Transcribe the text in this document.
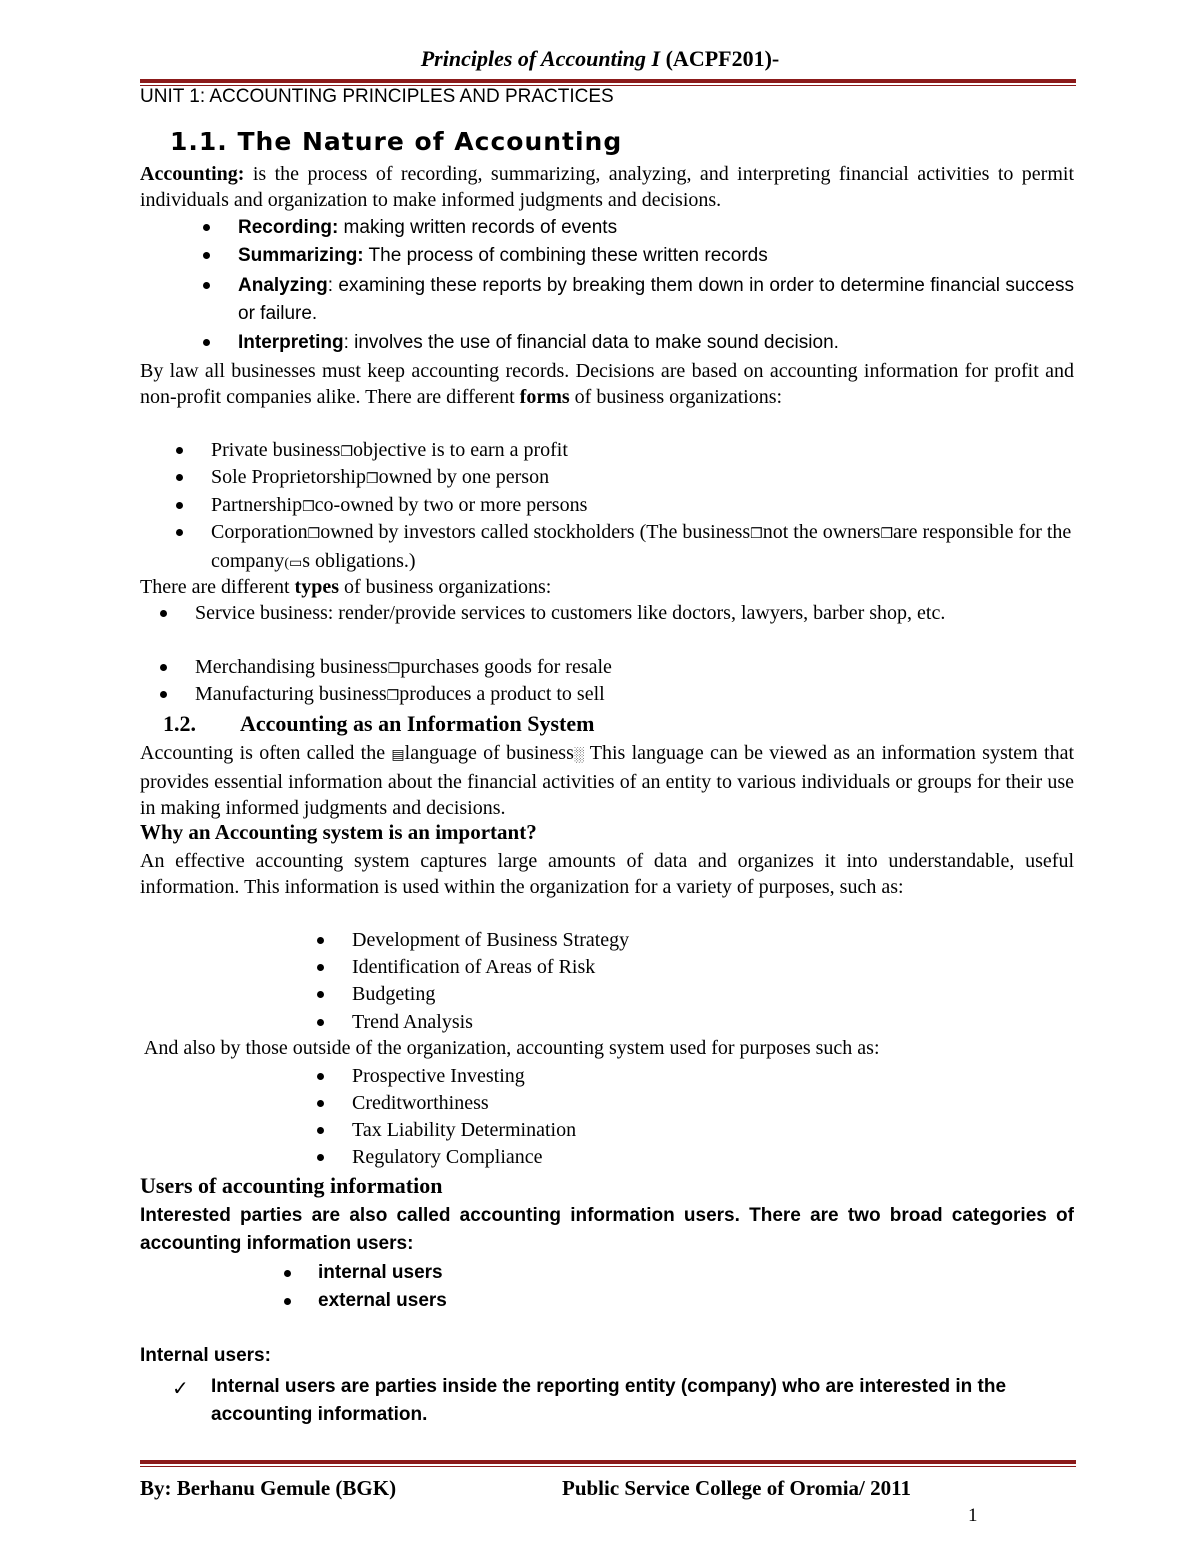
Principles of Accounting I (ACPF201)-
UNIT 1: ACCOUNTING PRINCIPLES AND PRACTICES
1.1. The Nature of Accounting
Accounting: is the process of recording, summarizing, analyzing, and interpreting financial activities to permit individuals and organization to make informed judgments and decisions.
Recording: making written records of events
Summarizing: The process of combining these written records
Analyzing: examining these reports by breaking them down in order to determine financial success or failure.
Interpreting: involves the use of financial data to make sound decision.
By law all businesses must keep accounting records. Decisions are based on accounting information for profit and non-profit companies alike. There are different forms of business organizations:
Private business❒objective is to earn a profit
Sole Proprietorship❒owned by one person
Partnership❒co-owned by two or more persons
Corporation❒owned by investors called stockholders (The business❒not the owners❒are responsible for the company(▭s obligations.)
There are different types of business organizations:
Service business: render/provide services to customers like doctors, lawyers, barber shop, etc.
Merchandising business❒purchases goods for resale
Manufacturing business❒produces a product to sell
1.2. Accounting as an Information System
Accounting is often called the ▤language of business░ This language can be viewed as an information system that provides essential information about the financial activities of an entity to various individuals or groups for their use in making informed judgments and decisions.
Why an Accounting system is an important?
An effective accounting system captures large amounts of data and organizes it into understandable, useful information. This information is used within the organization for a variety of purposes, such as:
Development of Business Strategy
Identification of Areas of Risk
Budgeting
Trend Analysis
And also by those outside of the organization, accounting system used for purposes such as:
Prospective Investing
Creditworthiness
Tax Liability Determination
Regulatory Compliance
Users of accounting information
Interested parties are also called accounting information users. There are two broad categories of accounting information users:
internal users
external users
Internal users:
✓ Internal users are parties inside the reporting entity (company) who are interested in the accounting information.
By: Berhanu Gemule (BGK)	Public Service College of Oromia/ 2011
1
